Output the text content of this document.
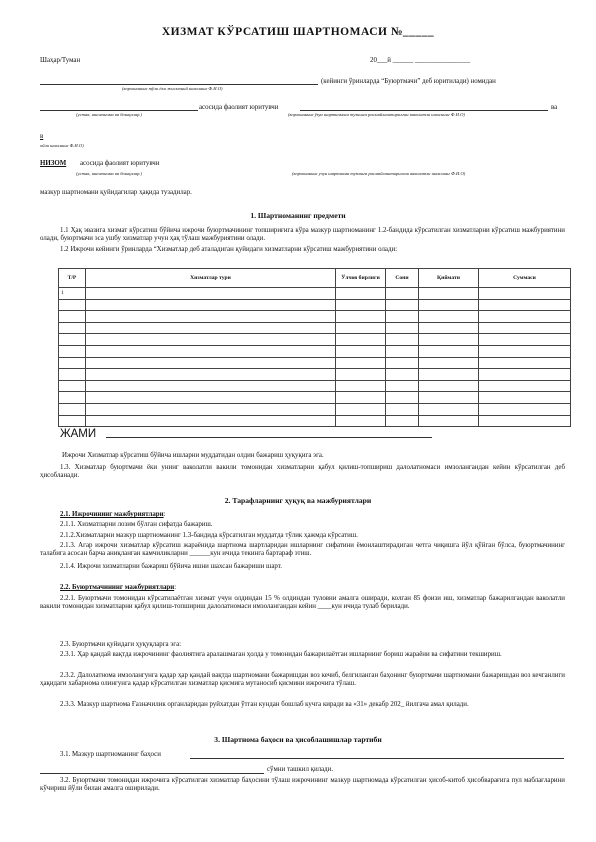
ХИЗМАТ КЎРСАТИШ ШАРТНОМАСИ №_____
Шаҳар/Туман	20___й ______ ________________
(кейинги ўринларда “Буюртмачи” деб юритилади) номидан
(корхонанинг тўли ёки жисмоний шахснинг Ф.И.О)
асосида фаолият юритувчи	ва
(устав, ишончнома ва бошқалар.)	(корхонанинг ўзун шартномага тузишга расмийлаштирилган ваколатли шахснинг Ф.И.О)
в
ойли шахснинг Ф.И.О)
НИЗОМ асосида фаолият юритувчи
(устав, ишончнома ва бошқалар.)	(корхонанинг учун шартнома тузишга расмийлаштирилган ваколатли шахснинг Ф.И.О)
мазкур шартномани қуйидагилар ҳақида тузадилар.
1. Шартноманинг предмети
1.1 Ҳақ эвазига хизмат кўрсатиш бўйича ижрочи буюртмачининг топшириғига кўра мазкур шартноманинг 1.2-бандида кўрсатилган хизматларни кўрсатиш мажбуриятини олади, буюртмачи эса ушбу хизматлар учун ҳақ тўлаш мажбуриятини олади.
1.2 Ижрочи кейинги ўринларда “Хизматлар деб аталадиган қуйидаги хизматларни кўрсатиш мажбуриятини олади:
Т/Р	Хизматлар тури	Ўлчов бирлиги	Сони	Қиймати	Суммаси
1					

ЖАМИ
Ижрочи Хизматлар кўрсатиш бўйича ишларни муддатидан олдин бажариш ҳуқуқига эга.
1.3. Хизматлар буюртмачи ёки унинг ваколатли вакили томонидан хизматларни қабул қилиш-топшириш далолатномаси имзолангандан кейин кўрсатилган деб ҳисобланади.
2. Тарафларнинг ҳуқуқ ва мажбуриятлари
2.1. Ижрочининг мажбуриятлари:
2.1.1. Хизматларни лозим бўлган сифатда бажариш.
2.1.2.Хизматларни мазкур шартноманинг 1.3-бандида кўрсатилган муддатда тўлик ҳажмда кўрсатиш.
2.1.3. Агар ижрочи хизматлар кўрсатиш жараёнида шартнома шартларидан ишларнинг сифатини ёмонлаштирадиган четга чиқишга йўл қўйган бўлса, буюртмачининг талабига асосан барча аниқланган камчиликларни ______кун ичида текинга бартараф этиш.
2.1.4. Ижрочи хизматларни бажариш бўйича ишни шахсан бажариши шарт.
2.2. Буюртмачининг мажбуриятлари:
2.2.1. Буюртмачи томонидан кўрсатилаётган хизмат учун олдиндан 15 % олдиндан туловни амалга оширади, колган 85 фоизи иш, хизматлар бажарилгандан ваколатли вакили томонидан хизматларни қабул қилиш-топшириш далолатномаси имзолангандан кейин ____кун ичида тулаб берилади.
2.3. Буюртмачи қуйидаги ҳуқуқларга эга:
2.3.1. Ҳар қандай вақтда ижрочининг фаолиятига аралашмаган ҳолда у томонидан бажарилаётган ишларнинг бориш жараёни ва сифатини текшириш.
2.3.2. Далолатнома имзолангунга қадар ҳар қандай вақтда шартномани бажаришдан воз кечиб, белгиланган баҳонинг буюртмачи шартномани бажаришдан воз кечганлиги ҳақидаги хабарнома олингунга қадар кўрсатилган хизматлар қисмига мутаносиб қисмини ижрочига тўлаш.
2.3.3. Мазкур шартнома Ғазначилик органларидан руйхатдан ўтган кундан бошлаб кучга киради ва «31» декабр 202_ йилгача амал қилади.
3. Шартнома баҳоси ва ҳисоблашишлар тартиби
3.1. Мазкур шартноманинг баҳоси
сўмни ташкил қилади.
3.2. Буюртмачи томонидан ижрочига кўрсатилган хизматлар баҳосини тўлаш ижрочининг мазкур шартномада кўрсатилган ҳисоб-китоб ҳисобварағига пул маблағларини кўчириш йўли билан амалга оширилади.
